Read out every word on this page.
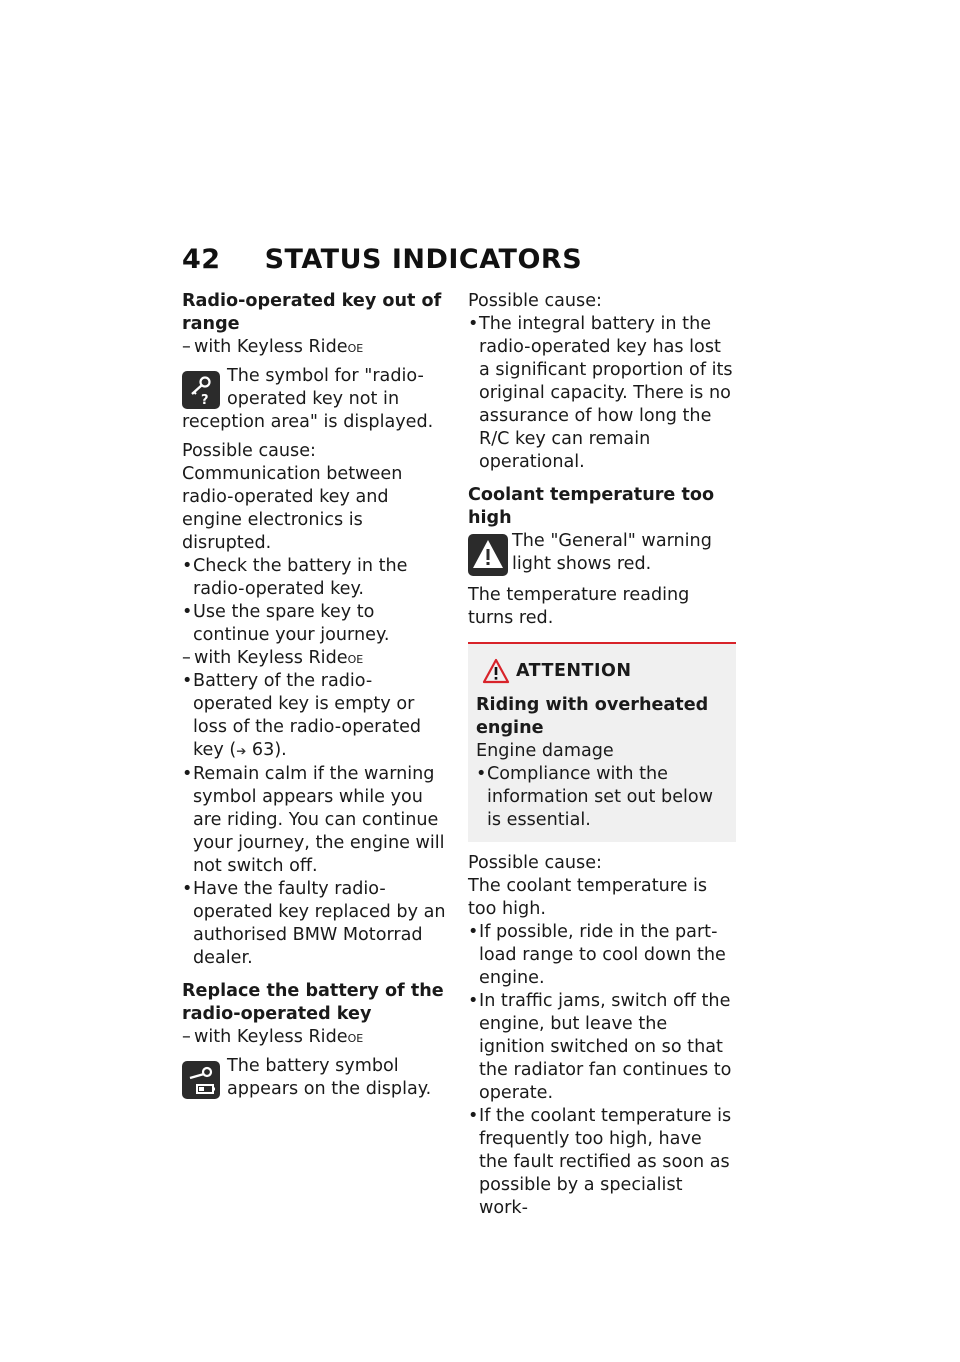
42 STATUS INDICATORS

Radio-operated key out of range

– with Keyless Ride OE

?
The symbol for "radio-operated key not in reception area" is displayed.

Possible cause:

Communication between radio-operated key and engine electronics is disrupted.

• Check the battery in the radio-operated key.

• Use the spare key to continue your journey.

– with Keyless Ride OE

• Battery of the radio-operated key is empty or loss of the radio-operated key (➔ 63).

• Remain calm if the warning symbol appears while you are riding. You can continue your journey, the engine will not switch off.

• Have the faulty radio-operated key replaced by an authorised BMW Motorrad dealer.

Replace the battery of the radio-operated key

– with Keyless Ride OE

The battery symbol appears on the display.

Possible cause:

• The integral battery in the radio-operated key has lost a significant proportion of its original capacity. There is no assurance of how long the R/C key can remain operational.

Coolant temperature too high

The "General" warning light shows red.

The temperature reading turns red.

ATTENTION

Riding with overheated engine

Engine damage

• Compliance with the information set out below is essential.

Possible cause:

The coolant temperature is too high.

• If possible, ride in the part-load range to cool down the engine.

• In traffic jams, switch off the engine, but leave the ignition switched on so that the radiator fan continues to operate.

• If the coolant temperature is frequently too high, have the fault rectified as soon as possible by a specialist work-
